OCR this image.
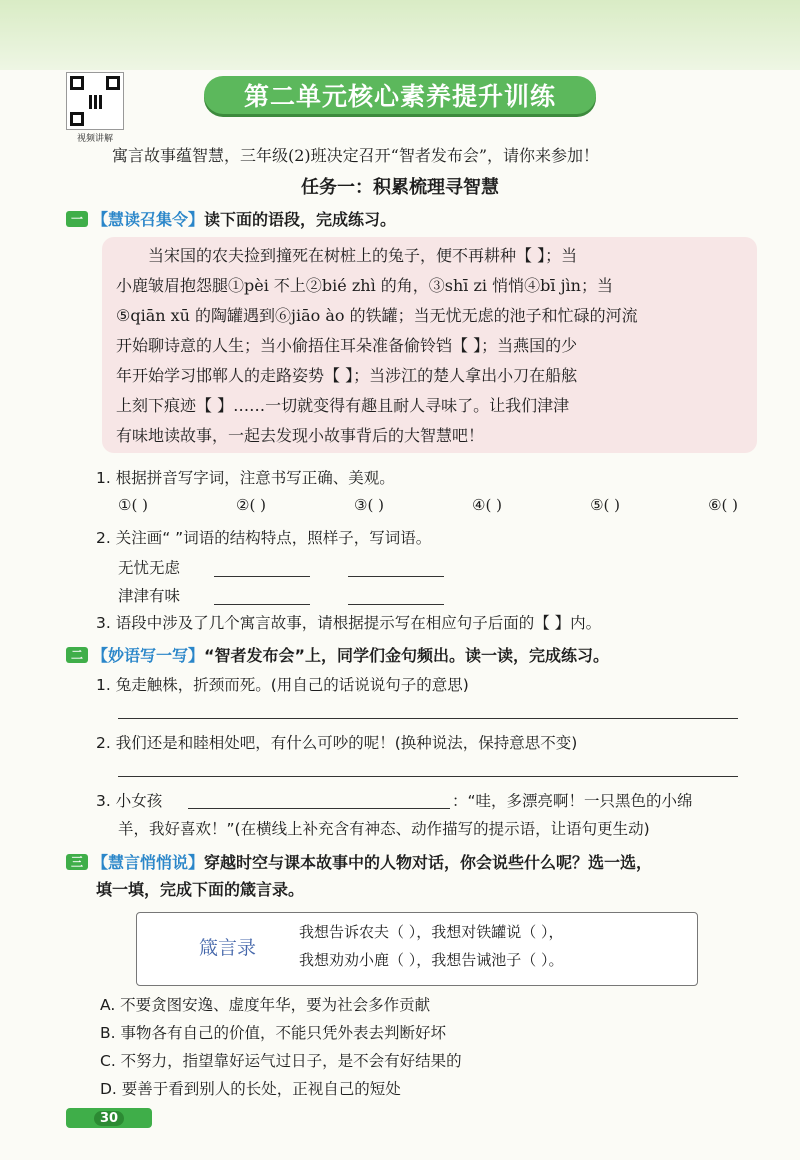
视频讲解
第二单元核心素养提升训练
寓言故事蕴智慧，三年级(2)班决定召开“智者发布会”，请你来参加！
任务一：积累梳理寻智慧
一 【慧读召集令】 读下面的语段，完成练习。

当宋国的农夫捡到撞死在树桩上的兔子，便不再耕种【 】；当

小鹿皱眉抱怨腿①pèi 不上②bié zhì 的角，③shī zi 悄悄④bī jìn；当
⑤qiān xū 的陶罐遇到⑥jiāo ào 的铁罐；当无忧无虑的池子和忙碌的河流
开始聊诗意的人生；当小偷捂住耳朵准备偷铃铛【 】；当燕国的少
年开始学习邯郸人的走路姿势【 】；当涉江的楚人拿出小刀在船舷
上刻下痕迹【 】……一切就变得有趣且耐人寻味了。让我们津津
有味地读故事，一起去发现小故事背后的大智慧吧！
1. 根据拼音写字词，注意书写正确、美观。
①( )	②( )	③( )	④( )	⑤( )	⑥( )
2. 关注画“ ”词语的结构特点，照样子，写词语。
无忧无虑
津津有味
3. 语段中涉及了几个寓言故事，请根据提示写在相应句子后面的【 】内。
二 【妙语写一写】 “智者发布会”上，同学们金句频出。读一读，完成练习。
1. 兔走触株，折颈而死。(用自己的话说说句子的意思)
2. 我们还是和睦相处吧，有什么可吵的呢！(换种说法，保持意思不变)
3. 小女孩	：“哇，多漂亮啊！一只黑色的小绵
羊，我好喜欢！”(在横线上补充含有神态、动作描写的提示语，让语句更生动)
三 【慧言悄悄说】 穿越时空与课本故事中的人物对话，你会说些什么呢？选一选，
填一填，完成下面的箴言录。
箴言录
我想告诉农夫（ ），我想对铁罐说（ ），
我想劝劝小鹿（ ），我想告诫池子（ ）。
A. 不要贪图安逸、虚度年华，要为社会多作贡献
B. 事物各有自己的价值，不能只凭外表去判断好坏
C. 不努力，指望靠好运气过日子，是不会有好结果的
D. 要善于看到别人的长处，正视自己的短处
30
